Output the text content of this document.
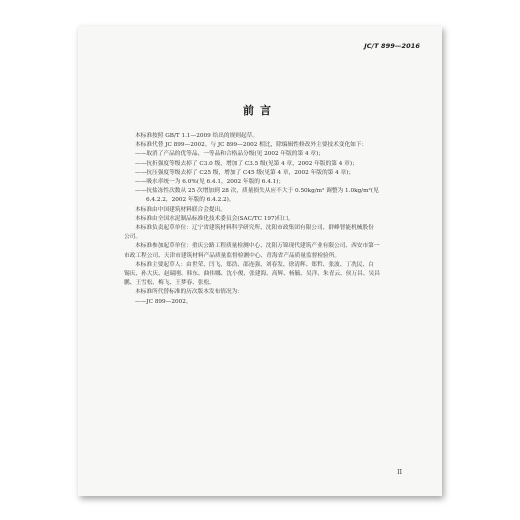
JC/T 899—2016
前言

本标准按照 GB/T 1.1—2009 给出的规则起草。

本标准代替 JC 899—2002。与 JC 899—2002 相比，除编辑性修改外主要技术变化如下：

——取消了产品的优等品、一等品和合格品分级(见 2002 年版的第 4 章)；

——抗折强度等级去掉了 C3.0 级，增加了 C3.5 级(见第 4 章，2002 年版的第 4 章)；

——抗压强度等级去掉了 C25 级，增加了 C45 级(见第 4 章，2002 年版的第 4 章)；

——吸水率统一为 6.0%(见 6.4.1，2002 年版的 6.4.1)；

——抗盐冻性次数从 25 次增加到 28 次，质量损失从应不大于 0.50kg/m² 调整为 1.0kg/m²(见

6.4.2.2，2002 年版的 6.4.2.2)。

本标准由中国建筑材料联合会提出。

本标准由全国水泥制品标准化技术委员会(SAC/TC 197)归口。

本标准负责起草单位：辽宁省建筑材料科学研究所、沈阳市政集团有限公司、群峰智能机械股份

公司。

本标准参加起草单位：重庆公路工程质量检测中心、沈阳万锦现代建筑产业有限公司、西安市第一

市政工程公司、天津市建筑材料产品质量监督检测中心、青海省产品质量监督检验所。

本标准主要起草人：由世荣、闫飞、郑浩、邵连强、刘春发、徐清辉、郑哲、张波、丁冼民、白

锡庆、孙大庆、赵瑞刚、韩东、曲伟娜、沈小俊、张建海、高辉、杨毓、吴洋、朱青云、侯万昌、吴昌

鹏、王雪松、梅飞、王梦春、张松。

本标准所代替标准的历次版本发布情况为：

——JC 899—2002。

II
